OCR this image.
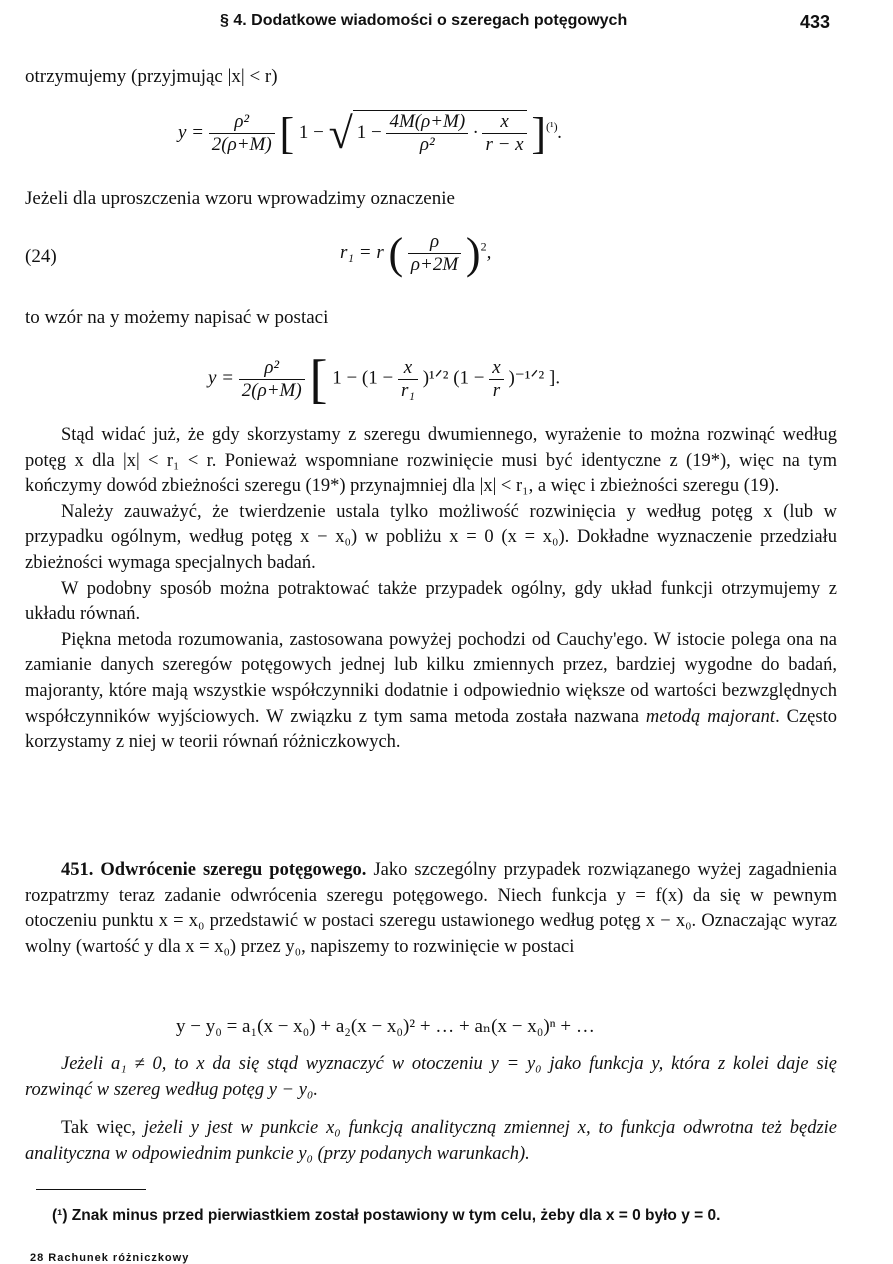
§ 4. Dodatkowe wiadomości o szeregach potęgowych	433
otrzymujemy (przyjmując |x| < r)
$y = \frac{\text{ρ²}}{2(\rho+M)}$ [ 1 − √ $1 - \frac{4M(\rho+M)}{\text{ρ²}} \cdot \frac{x}{r - x} ]^{(^1)}$.
Jeżeli dla uproszczenia wzoru wprowadzimy oznaczenie
(24)	r₁ = r ( $\frac{\rho}{\rho+2M} )^2$,
to wzór na y możemy napisać w postaci
$y = \frac{\text{ρ²}}{2(\rho+M)}$ [ $1 - (1 - \frac{x}{\text{r₁}}$ )¹ᐟ² ($1 - \frac{x}{r}$ )⁻¹ᐟ² ].

Stąd widać już, że gdy skorzystamy z szeregu dwumiennego, wyrażenie to można rozwinąć według potęg x dla |x| < r₁ < r. Ponieważ wspomniane rozwinięcie musi być identyczne z (19*), więc na tym kończymy dowód zbieżności szeregu (19*) przynajmniej dla |x| < r₁, a więc i zbieżności szeregu (19).

Należy zauważyć, że twierdzenie ustala tylko możliwość rozwinięcia y według potęg x (lub w przypadku ogólnym, według potęg x − x₀) w pobliżu x = 0 (x = x₀). Dokładne wyznaczenie przedziału zbieżności wymaga specjalnych badań.

W podobny sposób można potraktować także przypadek ogólny, gdy układ funkcji otrzymujemy z układu równań.

Piękna metoda rozumowania, zastosowana powyżej pochodzi od Cauchy'ego. W istocie polega ona na zamianie danych szeregów potęgowych jednej lub kilku zmiennych przez, bardziej wygodne do badań, majoranty, które mają wszystkie współczynniki dodatnie i odpowiednio większe od wartości bezwzględnych współczynników wyjściowych. W związku z tym sama metoda została nazwana metodą majorant. Często korzystamy z niej w teorii równań różniczkowych.

451. Odwrócenie szeregu potęgowego. Jako szczególny przypadek rozwiązanego wyżej zagadnienia rozpatrzmy teraz zadanie odwrócenia szeregu potęgowego. Niech funkcja y = f(x) da się w pewnym otoczeniu punktu x = x₀ przedstawić w postaci szeregu ustawionego według potęg x − x₀. Oznaczając wyraz wolny (wartość y dla x = x₀) przez y₀, napiszemy to rozwinięcie w postaci

y − y₀ = a₁(x − x₀) + a₂(x − x₀)² + … + aₙ(x − x₀)ⁿ + …

Jeżeli a₁ ≠ 0, to x da się stąd wyznaczyć w otoczeniu y = y₀ jako funkcja y, która z kolei daje się rozwinąć w szereg według potęg y − y₀.

Tak więc, jeżeli y jest w punkcie x₀ funkcją analityczną zmiennej x, to funkcja odwrotna też będzie analityczna w odpowiednim punkcie y₀ (przy podanych warunkach).

(¹) Znak minus przed pierwiastkiem został postawiony w tym celu, żeby dla x = 0 było y = 0.
28 Rachunek różniczkowy
